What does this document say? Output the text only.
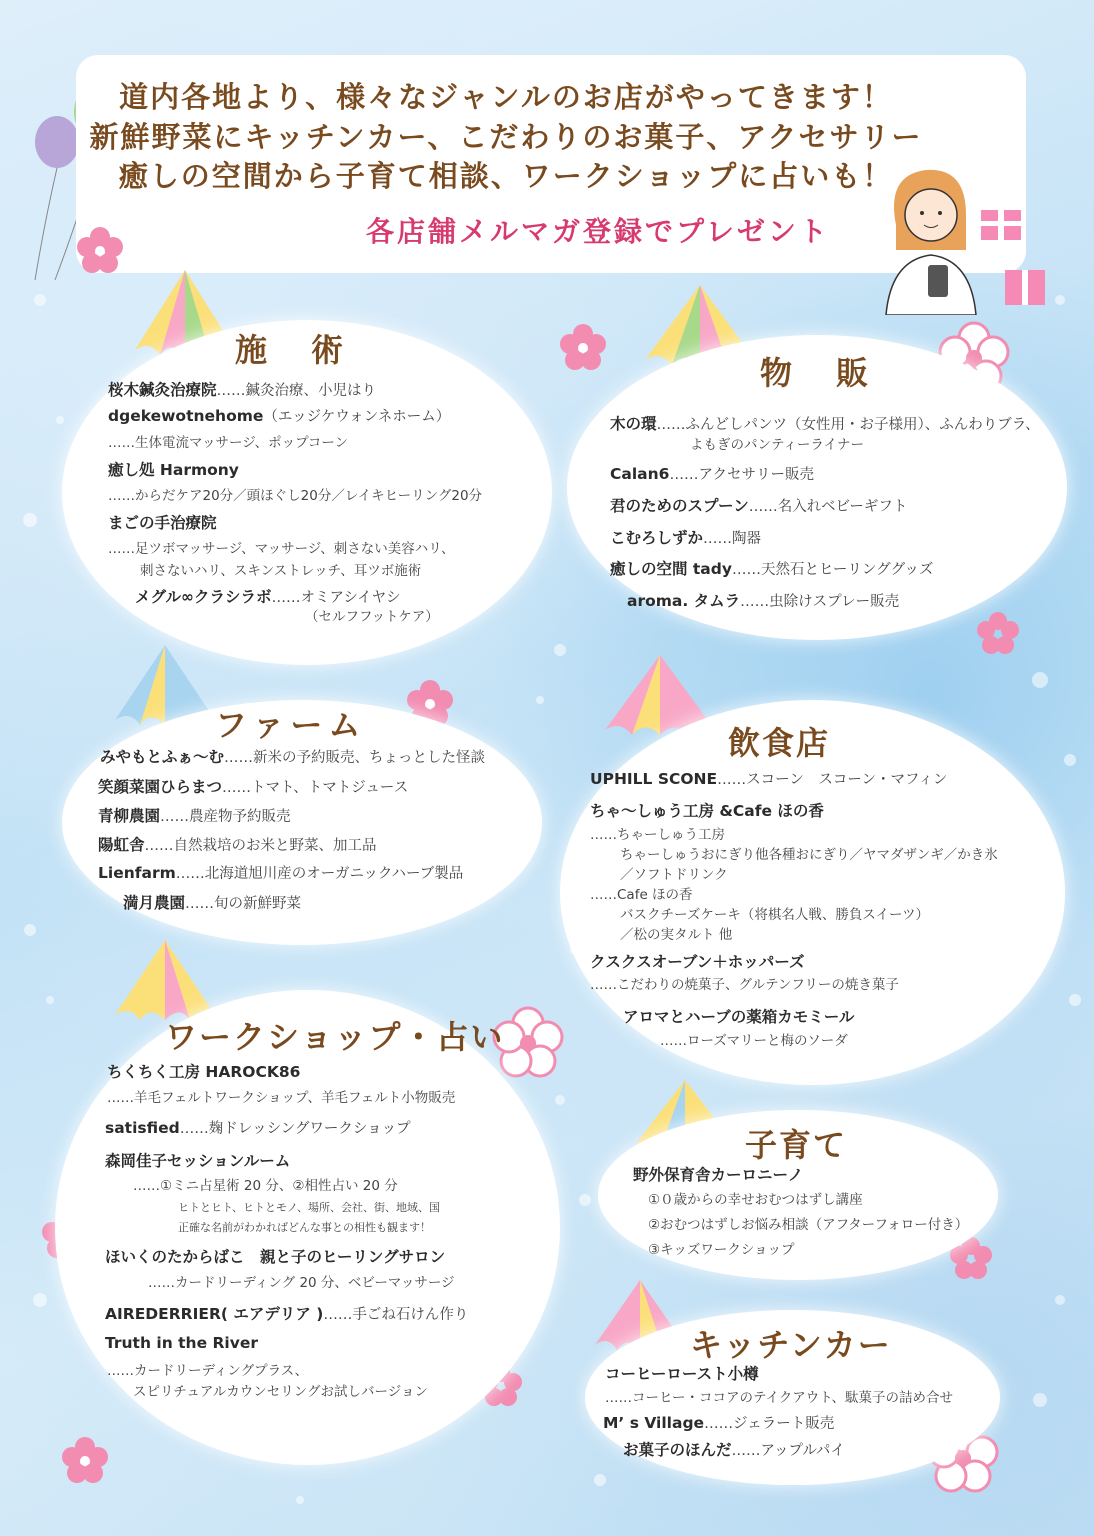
道内各地より、様々なジャンルのお店がやってきます！
新鮮野菜にキッチンカー、こだわりのお菓子、アクセサリー
癒しの空間から子育て相談、ワークショップに占いも！
各店舗メルマガ登録でプレゼント
施　術
桜木鍼灸治療院……鍼灸治療、小児はり
dgekewotnehome（エッジケウォンネホーム）
……生体電流マッサージ、ポップコーン
癒し処 Harmony
……からだケア20分／頭ほぐし20分／レイキヒーリング20分
まごの手治療院
……足ツボマッサージ、マッサージ、刺さない美容ハリ、
刺さないハリ、スキンストレッチ、耳ツボ施術
メグル∞クラシラボ……オミアシイヤシ
（セルフフットケア）
物　販
木の環……ふんどしパンツ（女性用・お子様用）、ふんわりブラ、
よもぎのパンティーライナー
Calan6……アクセサリー販売
君のためのスプーン……名入れベビーギフト
こむろしずか……陶器
癒しの空間 tady……天然石とヒーリンググッズ
aroma. タムラ……虫除けスプレー販売
ファーム
みやもとふぁ〜む……新米の予約販売、ちょっとした怪談
笑顔菜園ひらまつ……トマト、トマトジュース
青柳農園……農産物予約販売
陽虹舎……自然栽培のお米と野菜、加工品
Lienfarm……北海道旭川産のオーガニックハーブ製品
満月農園……旬の新鮮野菜
飲食店
UPHILL SCONE……スコーン　スコーン・マフィン
ちゃ〜しゅう工房 &Cafe ほの香
……ちゃーしゅう工房
ちゃーしゅうおにぎり他各種おにぎり／ヤマダザンギ／かき氷
／ソフトドリンク
……Cafe ほの香
バスクチーズケーキ（将棋名人戦、勝負スイーツ）
／松の実タルト 他
クスクスオーブン＋ホッパーズ
……こだわりの焼菓子、グルテンフリーの焼き菓子
アロマとハーブの薬箱カモミール
……ローズマリーと梅のソーダ
ワークショップ・占い
ちくちく工房 HAROCK86
……羊毛フェルトワークショップ、羊毛フェルト小物販売
satisfied……麹ドレッシングワークショップ
森岡佳子セッションルーム
……①ミニ占星術 20 分、②相性占い 20 分
ヒトとヒト、ヒトとモノ、場所、会社、街、地域、国
正確な名前がわかればどんな事との相性も観ます！
ほいくのたからばこ　親と子のヒーリングサロン
……カードリーディング 20 分、ベビーマッサージ
AIREDERRIER( エアデリア )……手ごね石けん作り
Truth in the River
……カードリーディングプラス、
スピリチュアルカウンセリングお試しバージョン
子育て
野外保育舎カーロニーノ
①０歳からの幸せおむつはずし講座
②おむつはずしお悩み相談（アフターフォロー付き）
③キッズワークショップ
キッチンカー
コーヒーロースト小樽
……コーヒー・ココアのテイクアウト、駄菓子の詰め合せ
M’ s Village……ジェラート販売
お菓子のほんだ……アップルパイ
